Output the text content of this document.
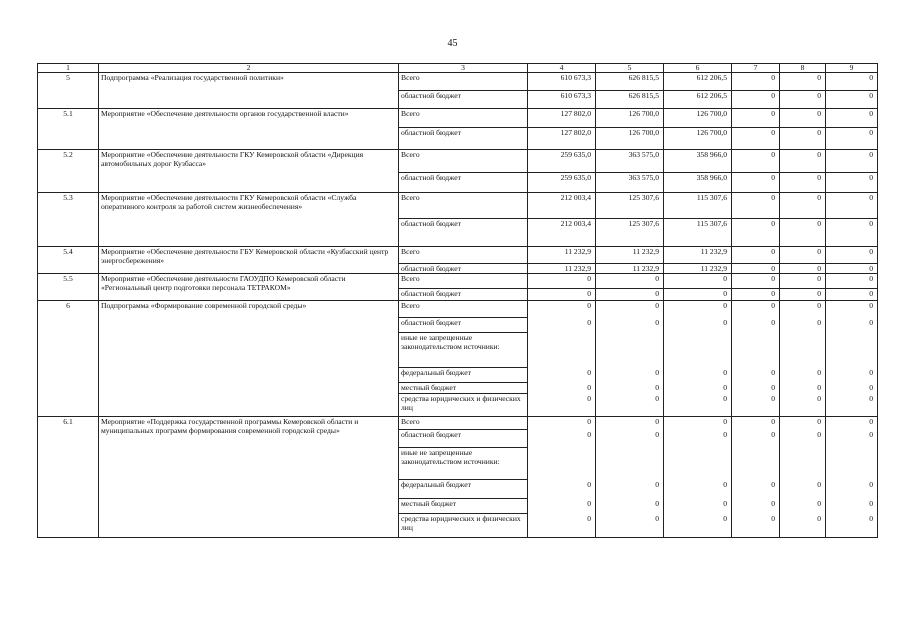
45
1	2	3	4	5	6	7	8	9
5	Подпрограмма «Реализация государственной политики»	Всего	610 673,3	626 815,5	612 206,5	0	0	0
		областной бюджет	610 673,3	626 815,5	612 206,5	0	0	0
5.1	Мероприятие «Обеспечение деятельности органов государственной власти»	Всего	127 802,0	126 700,0	126 700,0	0	0	0
		областной бюджет	127 802,0	126 700,0	126 700,0	0	0	0
5.2	Мероприятие «Обеспечение деятельности ГКУ Кемеровской области «Дирекция автомобильных дорог Кузбасса»	Всего	259 635,0	363 575,0	358 966,0	0	0	0
		областной бюджет	259 635,0	363 575,0	358 966,0	0	0	0
5.3	Мероприятие «Обеспечение деятельности ГКУ Кемеровской области «Служба оперативного контроля за работой систем жизнеобеспечения»	Всего	212 003,4	125 307,6	115 307,6	0	0	0
		областной бюджет	212 003,4	125 307,6	115 307,6	0	0	0
5.4	Мероприятие «Обеспечение деятельности ГБУ Кемеровской области «Кузбасский центр энергосбережения»	Всего	11 232,9	11 232,9	11 232,9	0	0	0
		областной бюджет	11 232,9	11 232,9	11 232,9	0	0	0
5.5	Мероприятие «Обеспечение деятельности ГАОУДПО Кемеровской области «Региональный центр подготовки персонала ТЕТРАКОМ»	Всего	0	0	0	0	0	0
		областной бюджет	0	0	0	0	0	0
6	Подпрограмма «Формирование современной городской среды»	Всего	0	0	0	0	0	0
		областной бюджет	0	0	0	0	0	0
		иные не запрещенные законодательством источники:						
		федеральный бюджет	0	0	0	0	0	0
		местный бюджет	0	0	0	0	0	0
		средства юридических и физических лиц	0	0	0	0	0	0
6.1	Мероприятие «Поддержка государственной программы Кемеровской области и муниципальных программ формирования современной городской среды»	Всего	0	0	0	0	0	0
		областной бюджет	0	0	0	0	0	0
		иные не запрещенные законодательством источники:						
		федеральный бюджет	0	0	0	0	0	0
		местный бюджет	0	0	0	0	0	0
		средства юридических и физических лиц	0	0	0	0	0	0
